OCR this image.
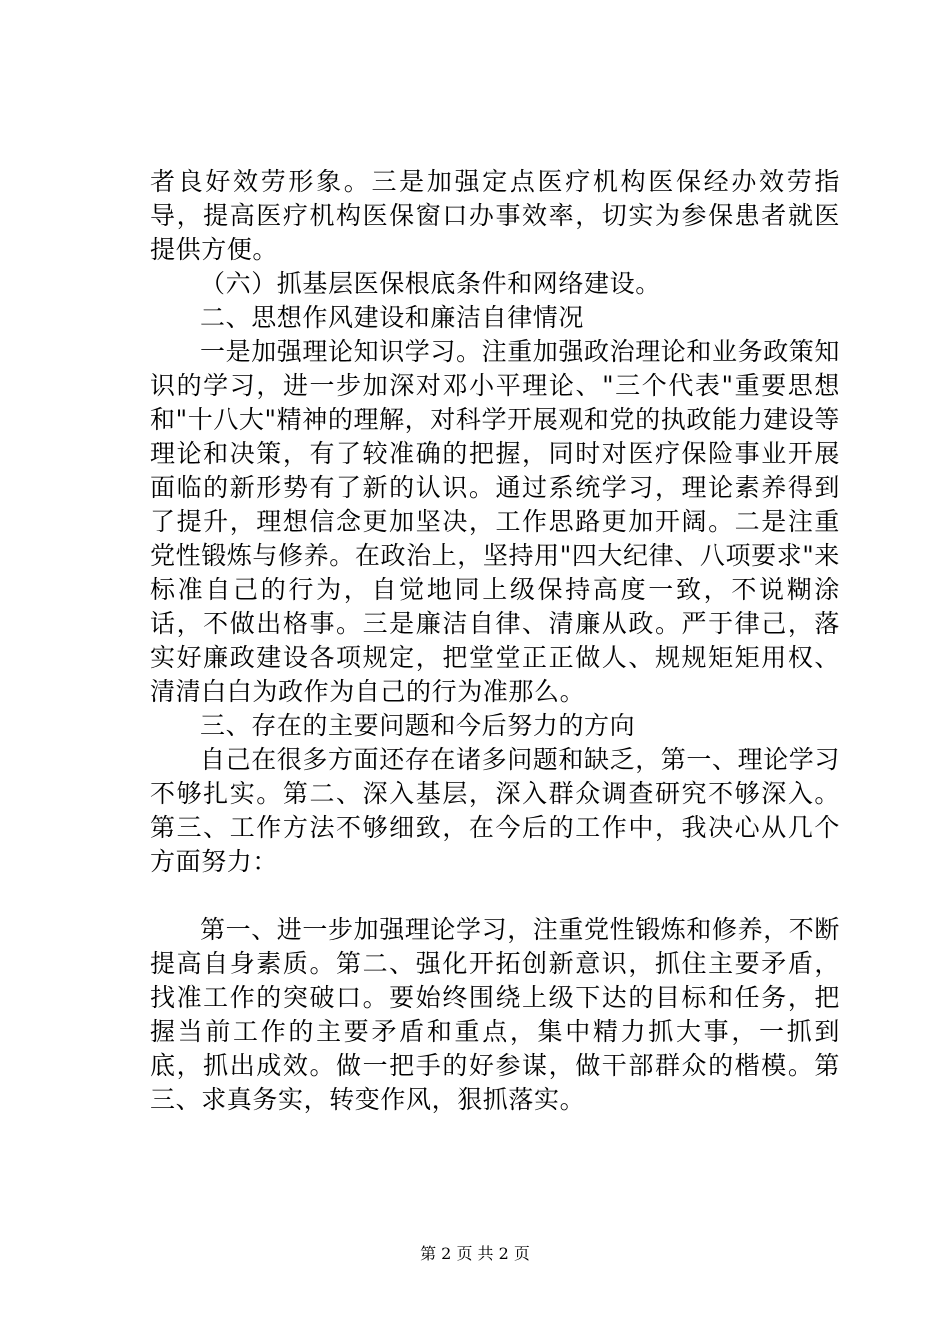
者良好效劳形象。三是加强定点医疗机构医保经办效劳指导，提高医疗机构医保窗口办事效率，切实为参保患者就医提供方便。

（六）抓基层医保根底条件和网络建设。

二、思想作风建设和廉洁自律情况

一是加强理论知识学习。注重加强政治理论和业务政策知识的学习，进一步加深对邓小平理论、"三个代表"重要思想和"十八大"精神的理解，对科学开展观和党的执政能力建设等理论和决策，有了较准确的把握，同时对医疗保险事业开展面临的新形势有了新的认识。通过系统学习，理论素养得到了提升，理想信念更加坚决，工作思路更加开阔。二是注重党性锻炼与修养。在政治上，坚持用"四大纪律、八项要求"来标准自己的行为，自觉地同上级保持高度一致，不说糊涂话，不做出格事。三是廉洁自律、清廉从政。严于律己，落实好廉政建设各项规定，把堂堂正正做人、规规矩矩用权、清清白白为政作为自己的行为准那么。

三、存在的主要问题和今后努力的方向

自己在很多方面还存在诸多问题和缺乏，第一、理论学习不够扎实。第二、深入基层，深入群众调查研究不够深入。第三、工作方法不够细致，在今后的工作中，我决心从几个方面努力：

第一、进一步加强理论学习，注重党性锻炼和修养，不断提高自身素质。第二、强化开拓创新意识，抓住主要矛盾，找准工作的突破口。要始终围绕上级下达的目标和任务，把握当前工作的主要矛盾和重点，集中精力抓大事，一抓到底，抓出成效。做一把手的好参谋，做干部群众的楷模。第三、求真务实，转变作风，狠抓落实。

第 2 页 共 2 页
